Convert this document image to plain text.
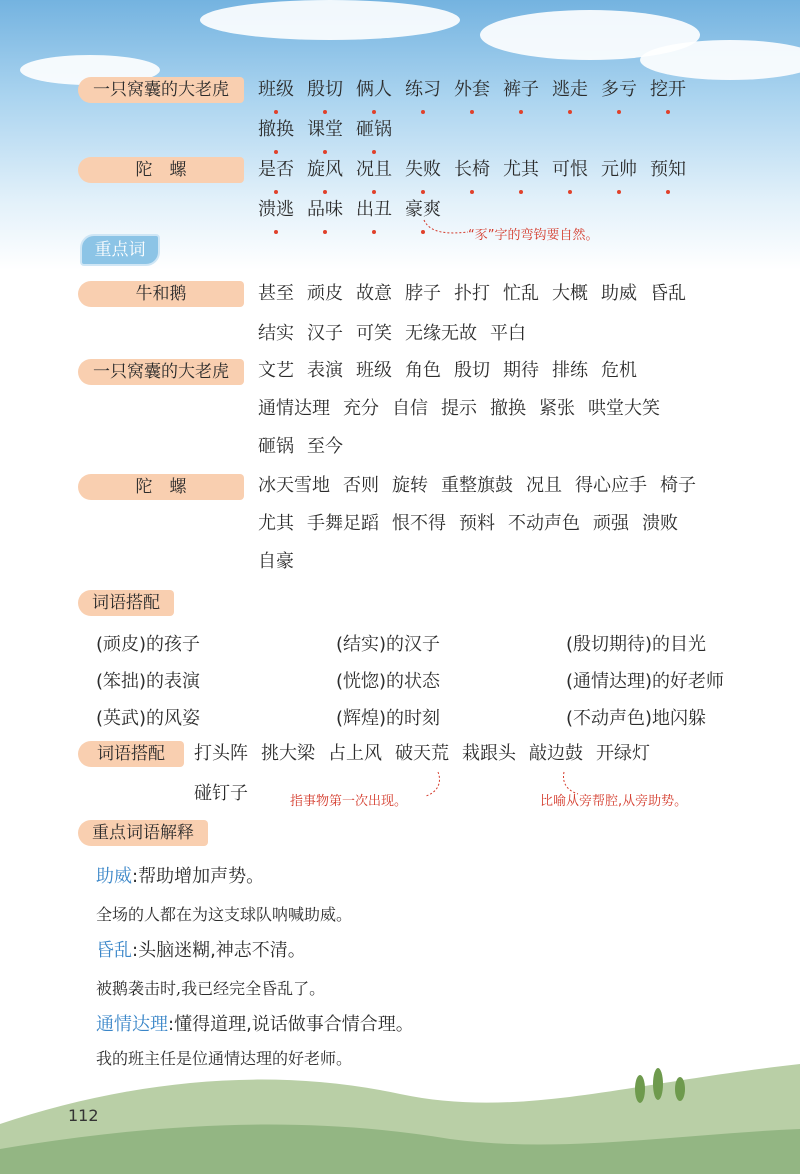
一只窝囊的大老虎	班级 殷切 俩人 练习 外套 裤子 逃走 多亏 挖开
撤换 课堂 砸锅
陀　螺	是否 旋风 况且 失败 长椅 尤其 可恨 元帅 预知
溃逃 品味 出丑 豪爽
“豕”字的弯钩要自然。
重点词
牛和鹅	甚至 顽皮 故意 脖子 扑打 忙乱 大概 助威 昏乱
结实 汉子 可笑 无缘无故 平白
一只窝囊的大老虎	文艺 表演 班级 角色 殷切 期待 排练 危机
通情达理 充分 自信 提示 撤换 紧张 哄堂大笑
砸锅 至今
陀　螺	冰天雪地 否则 旋转 重整旗鼓 况且 得心应手 椅子
尤其 手舞足蹈 恨不得 预料 不动声色 顽强 溃败
自豪
词语搭配
(顽皮)的孩子	(结实)的汉子	(殷切期待)的目光
(笨拙)的表演	(恍惚)的状态	(通情达理)的好老师
(英武)的风姿	(辉煌)的时刻	(不动声色)地闪躲
词语搭配	打头阵 挑大梁 占上风 破天荒 栽跟头 敲边鼓 开绿灯
碰钉子	指事物第一次出现。	比喻从旁帮腔,从旁助势。
重点词语解释
助威:帮助增加声势。
全场的人都在为这支球队呐喊助威。
昏乱:头脑迷糊,神志不清。
被鹅袭击时,我已经完全昏乱了。
通情达理:懂得道理,说话做事合情合理。
我的班主任是位通情达理的好老师。
112
